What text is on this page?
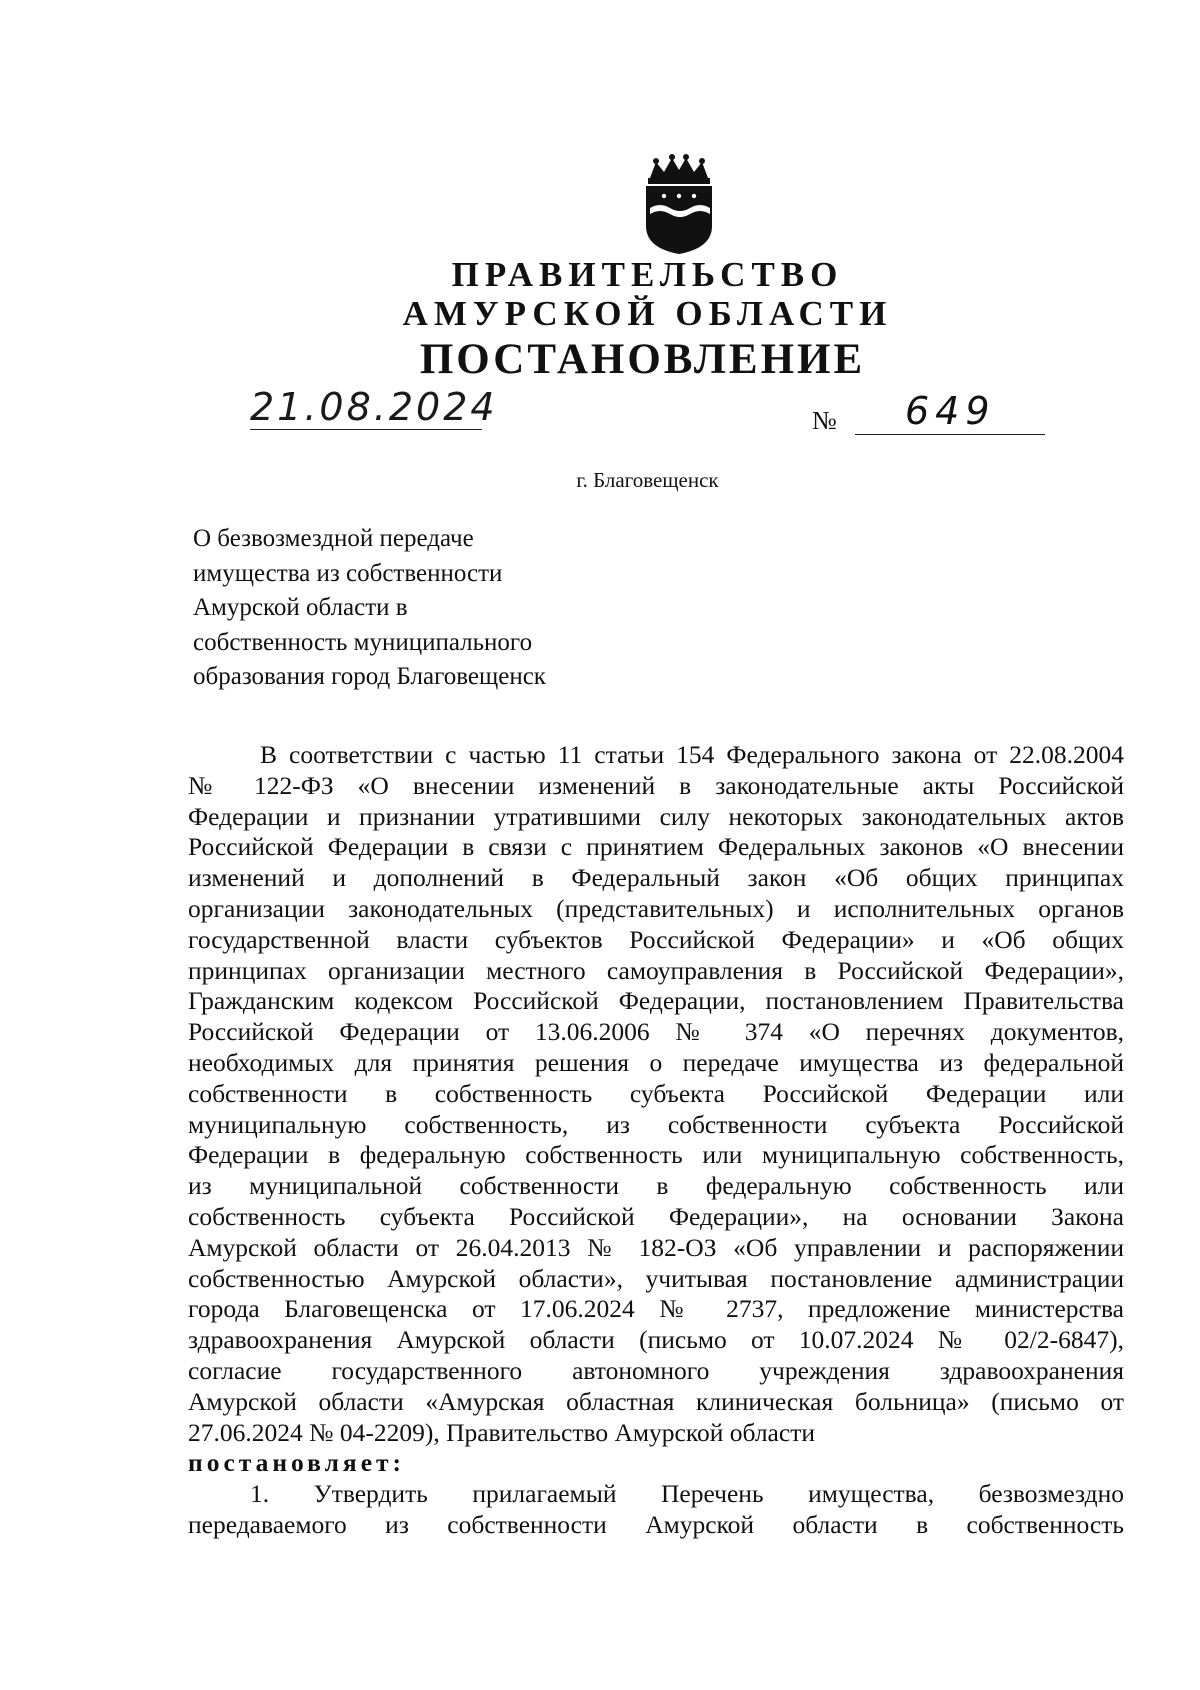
ПРАВИТЕЛЬСТВО
АМУРСКОЙ ОБЛАСТИ
ПОСТАНОВЛЕНИЕ
21.08.2024	№	649
г. Благовещенск
О безвозмездной передаче
имущества из собственности
Амурской области в
собственность муниципального
образования город Благовещенск
В соответствии с частью 11 статьи 154 Федерального закона от 22.08.2004
№ 122-ФЗ «О внесении изменений в законодательные акты Российской
Федерации и признании утратившими силу некоторых законодательных актов
Российской Федерации в связи с принятием Федеральных законов «О внесении
изменений и дополнений в Федеральный закон «Об общих принципах
организации законодательных (представительных) и исполнительных органов
государственной власти субъектов Российской Федерации» и «Об общих
принципах организации местного самоуправления в Российской Федерации»,
Гражданским кодексом Российской Федерации, постановлением Правительства
Российской Федерации от 13.06.2006 № 374 «О перечнях документов,
необходимых для принятия решения о передаче имущества из федеральной
собственности в собственность субъекта Российской Федерации или
муниципальную собственность, из собственности субъекта Российской
Федерации в федеральную собственность или муниципальную собственность,
из муниципальной собственности в федеральную собственность или
собственность субъекта Российской Федерации», на основании Закона
Амурской области от 26.04.2013 № 182-ОЗ «Об управлении и распоряжении
собственностью Амурской области», учитывая постановление администрации
города Благовещенска от 17.06.2024 № 2737, предложение министерства
здравоохранения Амурской области (письмо от 10.07.2024 № 02/2-6847),
согласие государственного автономного учреждения здравоохранения
Амурской области «Амурская областная клиническая больница» (письмо от
27.06.2024 № 04-2209), Правительство Амурской области
постановляет:
1. Утвердить прилагаемый Перечень имущества, безвозмездно
передаваемого из собственности Амурской области в собственность
